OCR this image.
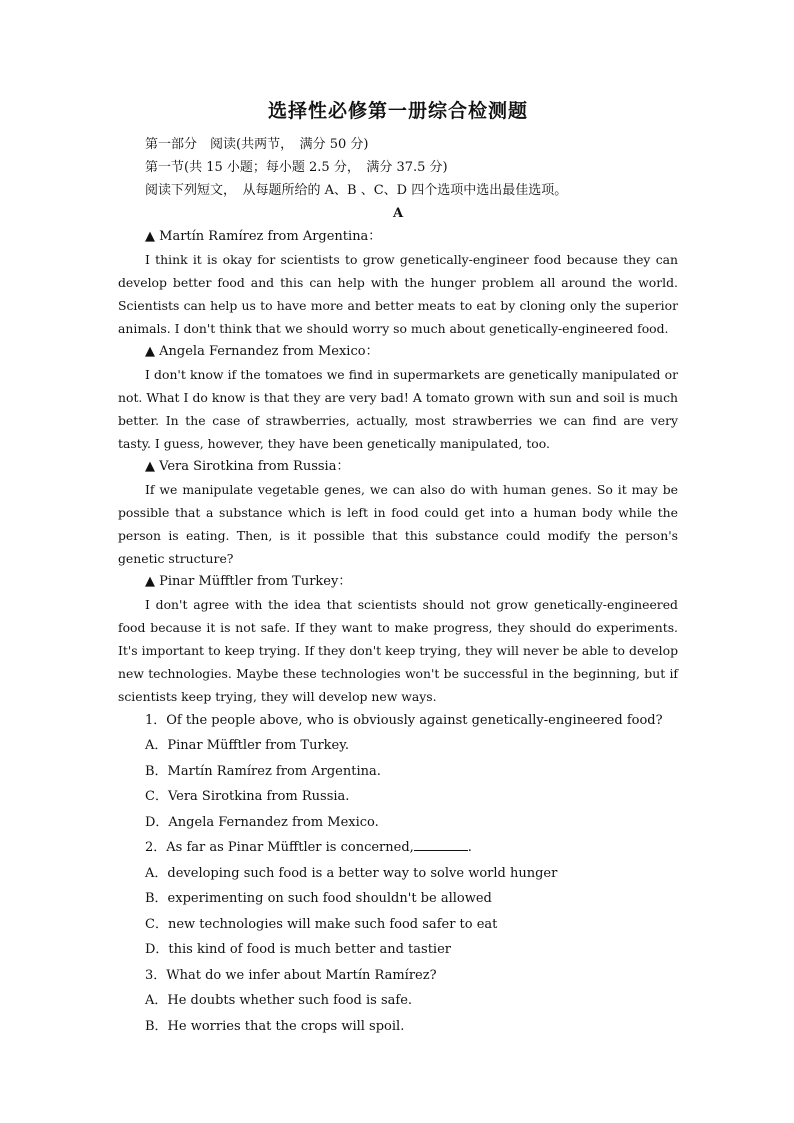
选择性必修第一册综合检测题

第一部分　阅读(共两节，　满分 50 分)

第一节(共 15 小题；每小题 2.5 分，　满分 37.5 分)

阅读下列短文，　从每题所给的 A、B 、C、D 四个选项中选出最佳选项。

A

▲ Martín Ramírez from Argentina：

I think it is okay for scientists to grow genetically-engineer food because they can develop better food and this can help with the hunger problem all around the world. Scientists can help us to have more and better meats to eat by cloning only the superior animals. I don't think that we should worry so much about genetically-engineered food.

▲ Angela Fernandez from Mexico：

I don't know if the tomatoes we find in supermarkets are genetically manipulated or not. What I do know is that they are very bad! A tomato grown with sun and soil is much better. In the case of strawberries, actually, most strawberries we can find are very tasty. I guess, however, they have been genetically manipulated, too.

▲ Vera Sirotkina from Russia：

If we manipulate vegetable genes, we can also do with human genes. So it may be possible that a substance which is left in food could get into a human body while the person is eating. Then, is it possible that this substance could modify the person's genetic structure?

▲ Pinar Müfftler from Turkey：

I don't agree with the idea that scientists should not grow genetically-engineered food because it is not safe. If they want to make progress, they should do experiments. It's important to keep trying. If they don't keep trying, they will never be able to develop new technologies. Maybe these technologies won't be successful in the beginning, but if scientists keep trying, they will develop new ways.

1．Of the people above, who is obviously against genetically-engineered food?

A．Pinar Müfftler from Turkey.

B．Martín Ramírez from Argentina.

C．Vera Sirotkina from Russia.

D．Angela Fernandez from Mexico.

2．As far as Pinar Müfftler is concerned,	.

A．developing such food is a better way to solve world hunger

B．experimenting on such food shouldn't be allowed

C．new technologies will make such food safer to eat

D．this kind of food is much better and tastier

3．What do we infer about Martín Ramírez?

A．He doubts whether such food is safe.

B．He worries that the crops will spoil.
